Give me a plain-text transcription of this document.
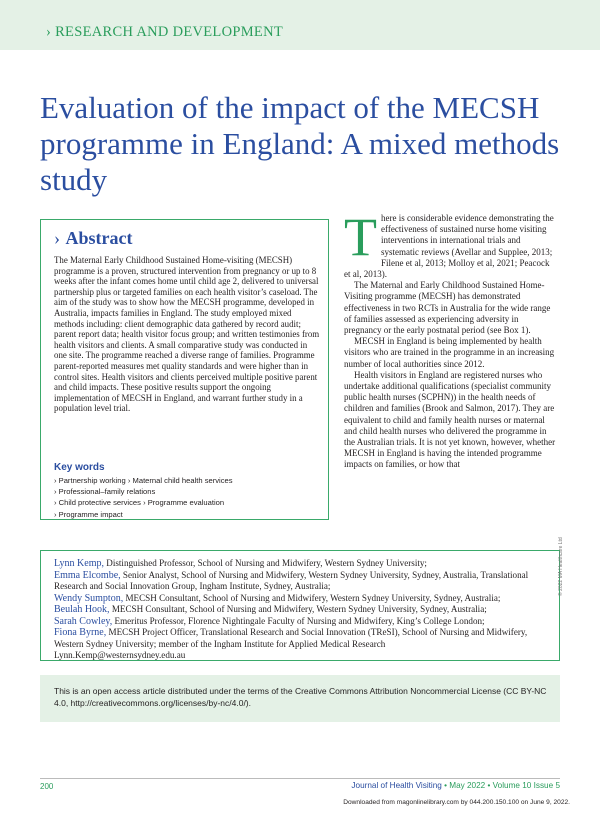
› RESEARCH AND DEVELOPMENT
Evaluation of the impact of the MECSH programme in England: A mixed methods study
› Abstract

The Maternal Early Childhood Sustained Home-visiting (MECSH) programme is a proven, structured intervention from pregnancy or up to 8 weeks after the infant comes home until child age 2, delivered to universal partnership plus or targeted families on each health visitor’s caseload. The aim of the study was to show how the MECSH programme, developed in Australia, impacts families in England. The study employed mixed methods including: client demographic data gathered by record audit; parent report data; health visitor focus group; and written testimonies from health visitors and clients. A small comparative study was conducted in one site. The programme reached a diverse range of families. Programme parent-reported measures met quality standards and were higher than in control sites. Health visitors and clients perceived multiple positive parent and child impacts. These positive results support the ongoing implementation of MECSH in England, and warrant further study in a population level trial.

Key words

› Partnership working › Maternal child health services › Professional–family relations
› Child protective services › Programme evaluation
› Programme impact

There is considerable evidence demonstrating the effectiveness of sustained nurse home visiting interventions in international trials and systematic reviews (Avellar and Supplee, 2013; Filene et al, 2013; Molloy et al, 2021; Peacock et al, 2013).

The Maternal and Early Childhood Sustained Home-Visiting programme (MECSH) has demonstrated effectiveness in two RCTs in Australia for the wide range of families assessed as experiencing adversity in pregnancy or the early postnatal period (see Box 1).

MECSH in England is being implemented by health visitors who are trained in the programme in an increasing number of local authorities since 2012.

Health visitors in England are registered nurses who undertake additional qualifications (specialist community public health nurses (SCPHN)) in the health needs of children and families (Brook and Salmon, 2017). They are equivalent to child and family health nurses or maternal and child health nurses who delivered the programme in the Australian trials. It is not yet known, however, whether MECSH in England is having the intended programme impacts on families, or how that

Lynn Kemp, Distinguished Professor, School of Nursing and Midwifery, Western Sydney University;
Emma Elcombe, Senior Analyst, School of Nursing and Midwifery, Western Sydney University, Sydney, Australia, Translational Research and Social Innovation Group, Ingham Institute, Sydney, Australia;
Wendy Sumpton, MECSH Consultant, School of Nursing and Midwifery, Western Sydney University, Sydney, Australia;
Beulah Hook, MECSH Consultant, School of Nursing and Midwifery, Western Sydney University, Sydney, Australia;
Sarah Cowley, Emeritus Professor, Florence Nightingale Faculty of Nursing and Midwifery, King’s College London;
Fiona Byrne, MECSH Project Officer, Translational Research and Social Innovation (TReSI), School of Nursing and Midwifery, Western Sydney University; member of the Ingham Institute for Applied Medical Research
Lynn.Kemp@westernsydney.edu.au

This is an open access article distributed under the terms of the Creative Commons Attribution Noncommercial License (CC BY-NC 4.0, http://creativecommons.org/licenses/by-nc/4.0/).

© 2022 MA Healthcare Ltd
200	Journal of Health Visiting • May 2022 • Volume 10 Issue 5
Downloaded from magonlinelibrary.com by 044.200.150.100 on June 9, 2022.
